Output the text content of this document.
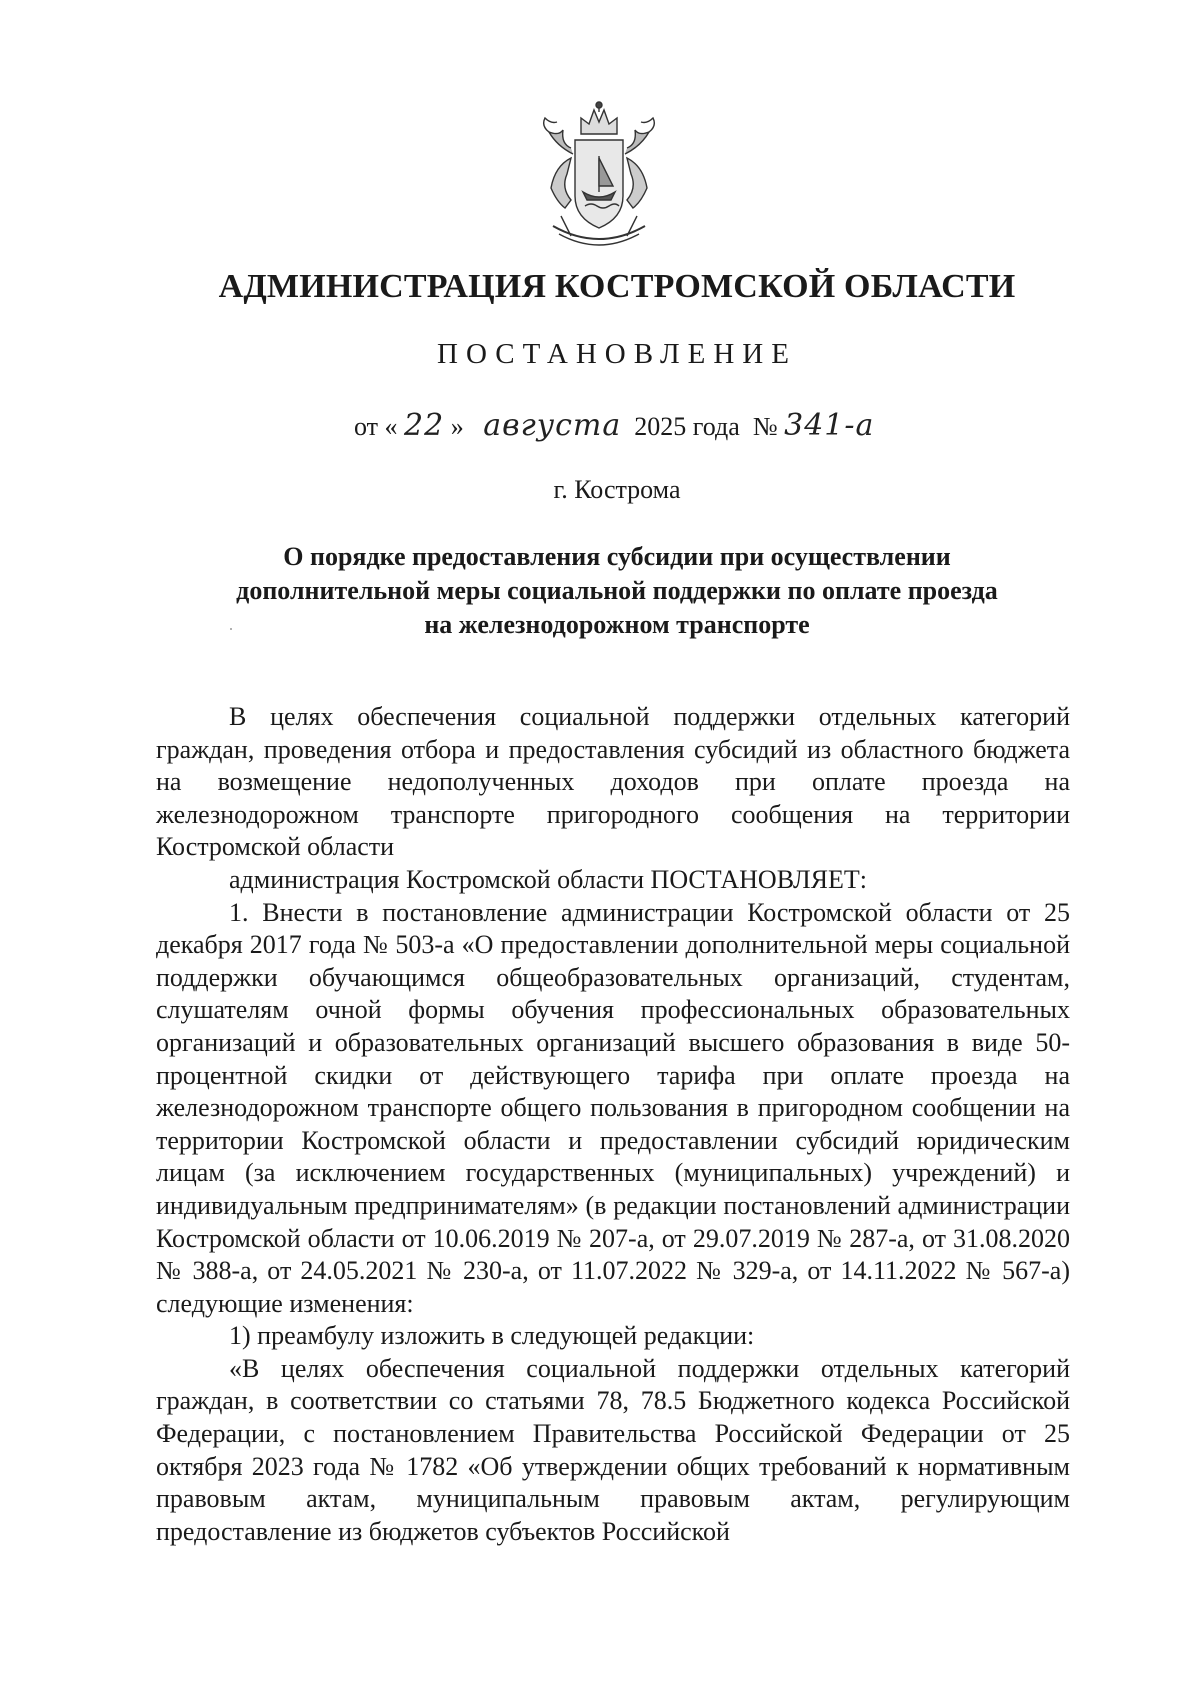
АДМИНИСТРАЦИЯ КОСТРОМСКОЙ ОБЛАСТИ
ПОСТАНОВЛЕНИЕ
от « 22 » августа 2025 года № 341-а
г. Кострома
О порядке предоставления субсидии при осуществлении
дополнительной меры социальной поддержки по оплате проезда
на железнодорожном транспорте

В целях обеспечения социальной поддержки отдельных категорий граждан, проведения отбора и предоставления субсидий из областного бюджета на возмещение недополученных доходов при оплате проезда на железнодорожном транспорте пригородного сообщения на территории Костромской области

администрация Костромской области ПОСТАНОВЛЯЕТ:

1. Внести в постановление администрации Костромской области от 25 декабря 2017 года № 503-а «О предоставлении дополнительной меры социальной поддержки обучающимся общеобразовательных организаций, студентам, слушателям очной формы обучения профессиональных образовательных организаций и образовательных организаций высшего образования в виде 50-процентной скидки от действующего тарифа при оплате проезда на железнодорожном транспорте общего пользования в пригородном сообщении на территории Костромской области и предоставлении субсидий юридическим лицам (за исключением государственных (муниципальных) учреждений) и индивидуальным предпринимателям» (в редакции постановлений администрации Костромской области от 10.06.2019 № 207-а, от 29.07.2019 № 287-а, от 31.08.2020 № 388-а, от 24.05.2021 № 230-а, от 11.07.2022 № 329-а, от 14.11.2022 № 567-а) следующие изменения:

1) преамбулу изложить в следующей редакции:

«В целях обеспечения социальной поддержки отдельных категорий граждан, в соответствии со статьями 78, 78.5 Бюджетного кодекса Российской Федерации, с постановлением Правительства Российской Федерации от 25 октября 2023 года № 1782 «Об утверждении общих требований к нормативным правовым актам, муниципальным правовым актам, регулирующим предоставление из бюджетов субъектов Российской
